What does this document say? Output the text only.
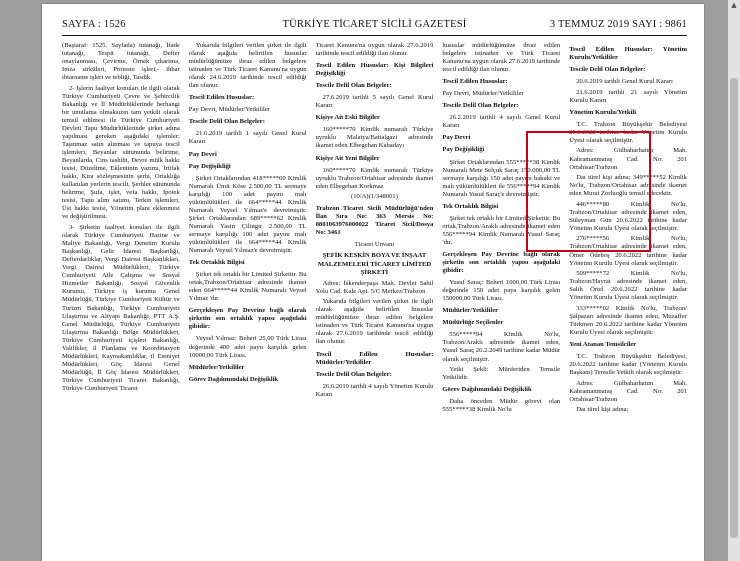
SAYFA : 1526	TÜRKİYE TİCARET SİCİLİ GAZETESİ	3 TEMMUZ 2019 SAYI : 9861

(Baştaraf: 1525. Sayfada) tutanağı, İfade tutanağı, Tespit tutanağı, Defter onaylanması, Çevirme, Örnek çıkartma, Imza sirküleri, Protesto işleri,- ihbar ihtarname işleri ve tebliği, Tasdik.

2- İşlerin faaliyet konuları ile ilgili olarak Türkiye Cumhuriyeti Çevre ve Şehircilik Bakanlığı ve İl Müdürlüklerinde herhangi bir unutlama olmaksızın tam yetkili olarak temsil edilmesi ile Türkiye Cumhuriyeti Devleti Tapu Müdürlüklerinde şirket adına yapılması gereken aşağıdaki işlemler: Taşınmaz satın alınması ve tapuya tescil işlemleri, Beyanlar sütununda belirtme, Beyanlarda, Cins tashihi, Devre mülk hakkı tesisi, Düzeltme, Eklentinin yazımı, İrtifak hakkı, Kira sözleşmesinin şerhi, Ortaklığa kullanılan yerlerin tescili, Şerhler sütununda belirtme, Şufa, işlet, vefa hakkı, İpotek tesisi, Tapu alım satımı, Terkin işlemleri, Üst hakkı tesisi, Yönetim planı eklenmesi ve değiştirilmesi.

3- Şirketin faaliyet konuları ile ilgili olarak Türkiye Cumhuriyeti Hazine ve Maliye Bakanlığı, Vergi Denetim Kurulu Başkanlığı, Gelir İdaresi Başkanlığı, Defterdarlıklar, Vergi Dairesi Başkanlıkları, Vergi Dairesi Müdürlükleri, Türkiye Cumhuriyeti Aile Çalışma ve Sosyal Hizmetler Bakanlığı, Sosyal Güvenlik Kurumu, Türkiye iş kurumu Genel Müdürlüğü, Türkiye Cumhuriyeti Kültür ve Turizm Bakanlığı, Türkiye Cumhuriyeti Ulaştırma ve Altyapı Bakanlığı, PTT A.Ş. Genel Müdürlüğü, Türkiye Cumhuriyeti Ulaştırma Bakanlığı Bölge Müdürlükleri, Türkiye Cumhuriyeti içişleri Bakanlığı, Valilikler, il Planlama ve Koordinasyon Müdürlükleri, Kaymakamlıklar, il Emniyet Müdürlükleri, Göç İdaresi Genel Müdürlüğü, İl Göç İdaresi Müdürlükleri, Türkiye Cumhuriyeti Ticaret Bakanlığı, Türkiye Cumhuriyeti Ticaret

Yukarıda bilgileri verilen şirket ile ilgili olarak aşağıda belirtilen hususlar müdürlüğümüze ibraz edilen belgelere istinaden ve Türk Ticaret Kanunu'na uygun olarak 24.6.2019 tarihinde tescil edildiği ilan olunur.

Tescil Edilen Hususlar:

Pay Devri, Müdürler/Yetkililer

Tescile Delil Olan Belgeler:

21.6.2019 tarihli 1 sayılı Genel Kurul Kararı

Pay Devri

Pay Değişikliği

Şirket Ortaklarından 418*****60 Kimlik Numaralı Ümit Köse 2.500,00 TL sermaye karşılığı 100 adet payını malı yükümlülükleri ile 664*****44 Kimlik Numaralı Veysel Yılmaz'e devretmiştir. Şirket Ortaklarından 689*****62 Kimlik Numaralı Yasin Çilingir 2.500,00 TL sermaye karşılığı 100 adet payını malı yükümlülükleri ile 664*****44 Kimlik Numaralı Veysel Yılmaz'e devretmiştir.

Tek Ortaklık Bilgisi

Şirket tek ortaklı bir Limited Şirkettir. Bu ortak,Trabzon/Ortahisar adresinde ikamet eden 664*****44 Kimlik Numaralı Veysel Yılmaz 'dır.

Gerçekleşen Pay Devrine bağlı olarak şirketin son ortaklık yapısı aşağıdaki gibidir:

Veysel Yılmaz: Beheri 25,00 Türk Lirası değerinde 400 adet payu karşılık gelen 10000,00 Türk Lirası.

Müdürler/Yetkililer

Görev Dağılımındaki Değişiklik

Ticaret Kanunu'na uygun olarak 27.6.2019 tarihinde tescil edildiği ilan olunur.

Tescil Edilen Hususlar: Kişi Bilgileri Değişikliği

Tescile Delil Olan Belgeler:

27.6.2019 tarihli 5 sayılı Genel Kurul Kararı

Kişiye Ait Eski Bilgiler

160*****70 Kimlik numaralı Türkiye uyruklu Malatya/Battalgazi adresinde ikamet eden Elbegehan Kabadayı

Kişiye Ait Yeni Bilgiler

160*****70 Kimlik numaralı Türkiye uyruklu Trabzon/Ortahisar adresinde ikamet eden Elbegehan Korkmaz

(10/A)(1/348001)

Trabzon Ticaret Sicili Müdürlüğü'nden İlan Sıra No: 363 Mersis No: 0801063976000022 Ticaret Sicil/Dosya No: 3461

Ticaret Unvanı

ŞEFİK KESKİN BOYA VE İNŞAAT MALZEMELERİ TİCARET LİMİTED ŞİRKETİ

Adres: İskenderpaşa Mah. Devlet Sahil Yolu Cad. Kale Apt. 5/C Merkez/Trabzon

Yukarıda bilgileri verilen şirket ile ilgili olarak aşağıda belirtilen hususlar müdürlüğümüze ibraz edilen belgelere istinaden ve Türk Ticaret Kanunu'na uygun olarak 27.6.2019 tarihinde tescil edildiği ilan olunur.

Tescil Edilen Hususlar: Müdürler/Yetkililer

Tescile Delil Olan Belgeler:

26.6.2019 tarihli 4 sayılı Yönetim Kurulu Kararı

hususlar müdürlüğümüze ibraz edilen belgelere istinaden ve Türk Ticaret Kanunu'na uygun olarak 27.6.2019 tarihinde tescil edildiği ilan olunur.

Tescil Edilen Hususlar:

Pay Devri, Müdürler/Yetkililer

Tescile Delil Olan Belgeler:

26.2.2019 tarihli 4 sayılı Genel Kurul Kararı

Pay Devri

Pay Değişikliği

Şirket Ortaklarından 555*****38 Kimlik Numaralı Mete Selçuk Saraç 150.000,00 TL sermaye karşılığı 150 adet payını bakuki ve malı yükümlülükleri ile 556*****94 Kimlik Numaralı Yusuf Saraç'e devretmiştir.

Tek Ortaklık Bilgisi

Şirket tek ortaklı bir Limited Şirkettir. Bu ortak,Trabzon/Araklı adresinde ikamet eden 556*****94 Kimlik Numaralı Yusuf Saraç 'dır.

Gerçekleşen Pay Devrine bağlı olarak şirketin son ortaklık yapısı aşağıdaki gibidir:

Yusuf Saraç: Beheri 1000,00 Türk Lirası değerinde 150 adet paya karşılık gelen 150000,00 Türk Lirası.

Müdürler/Yetkililer

Müdürlüğe Seçilenler

556*****94 Kimlik No'lu, Trabzon/Araklı adresinde ikamet eden, Yusuf Saraç 26.2.2049 tarihine kadar Müdür olarak seçilmiştir.

Yetki Şekli: Münferiden Temsile Yetkilidir.

Görev Dağılımındaki Değişiklik

Daha önceden Müdür görevi olan 555*****38 Kimlik No'lu

Tescil Edilen Hususlar: Yönetim Kurulu/Yetkililer

Tescile Delil Olan Belgeler:

20.6.2019 tarihli Genel Kurul Kararı

21.6.2019 tarihli 21 sayılı Yönetim Kurulu Kararı

Yönetim Kurulu/Yetkili

T.C. Trabzon Büyükşehir Belediyesi 20.6.2022 tarihine kadar Yönetim Kurulu Üyesi olarak seçilmiştir.

Adres: Gülbaharhatun Mah. Kahramanmaraş Cad. No: 201 Ortahisar/Trabzon

Daı türel kişi adına; 349*****52 Kimlik No'lu, Trabzon/Ortahisar adresinde ikamet eden Murat Zorluoğlu temsil edecektir.

446*****80 Kimlik No'lu, Trabzon/Ortahisar adresinde ikamet eden, Süleyman Gün 20.6.2022 tarihine kadar Yönetim Kurulu Üyesi olarak seçilmiştir.

276*****56 Kimlik No'lu, Trabzon/Ortahisar adresinde ikamet eden, Ömer Ödeboş 20.6.2022 tarihine kadar Yönetim Kurulu Üyesi olarak seçilmiştir.

509*****72 Kimlik No'lu, Trabzon/Hayrat adresinde ikamet eden, Salih Örtel 20.6.2022 tarihine kadar Yönetim Kurulu Üyesi olarak seçilmiştir.

333*****02 Kimlik No'lu, Trabzon/Şalpazarı adresinde ikamet eden, Muzaffer Türkmen 20.6.2022 tarihine kadar Yönetim Kurulu Üyesi olarak seçilmiştir.

Yeni Atanan Temsilciler

T.C. Trabzon Büyükşehir Belediyesi, 20.6.2022 tarihine kadar (Yönetim Kurulu Başkanı) Temsile Yetkili olarak seçilmiştir.

Adres: Gülbaharhatun Mah. Kahramanmaraş Cad. No: 201 Ortahisar/Trabzon

Daı türel kişi adına;

▲
